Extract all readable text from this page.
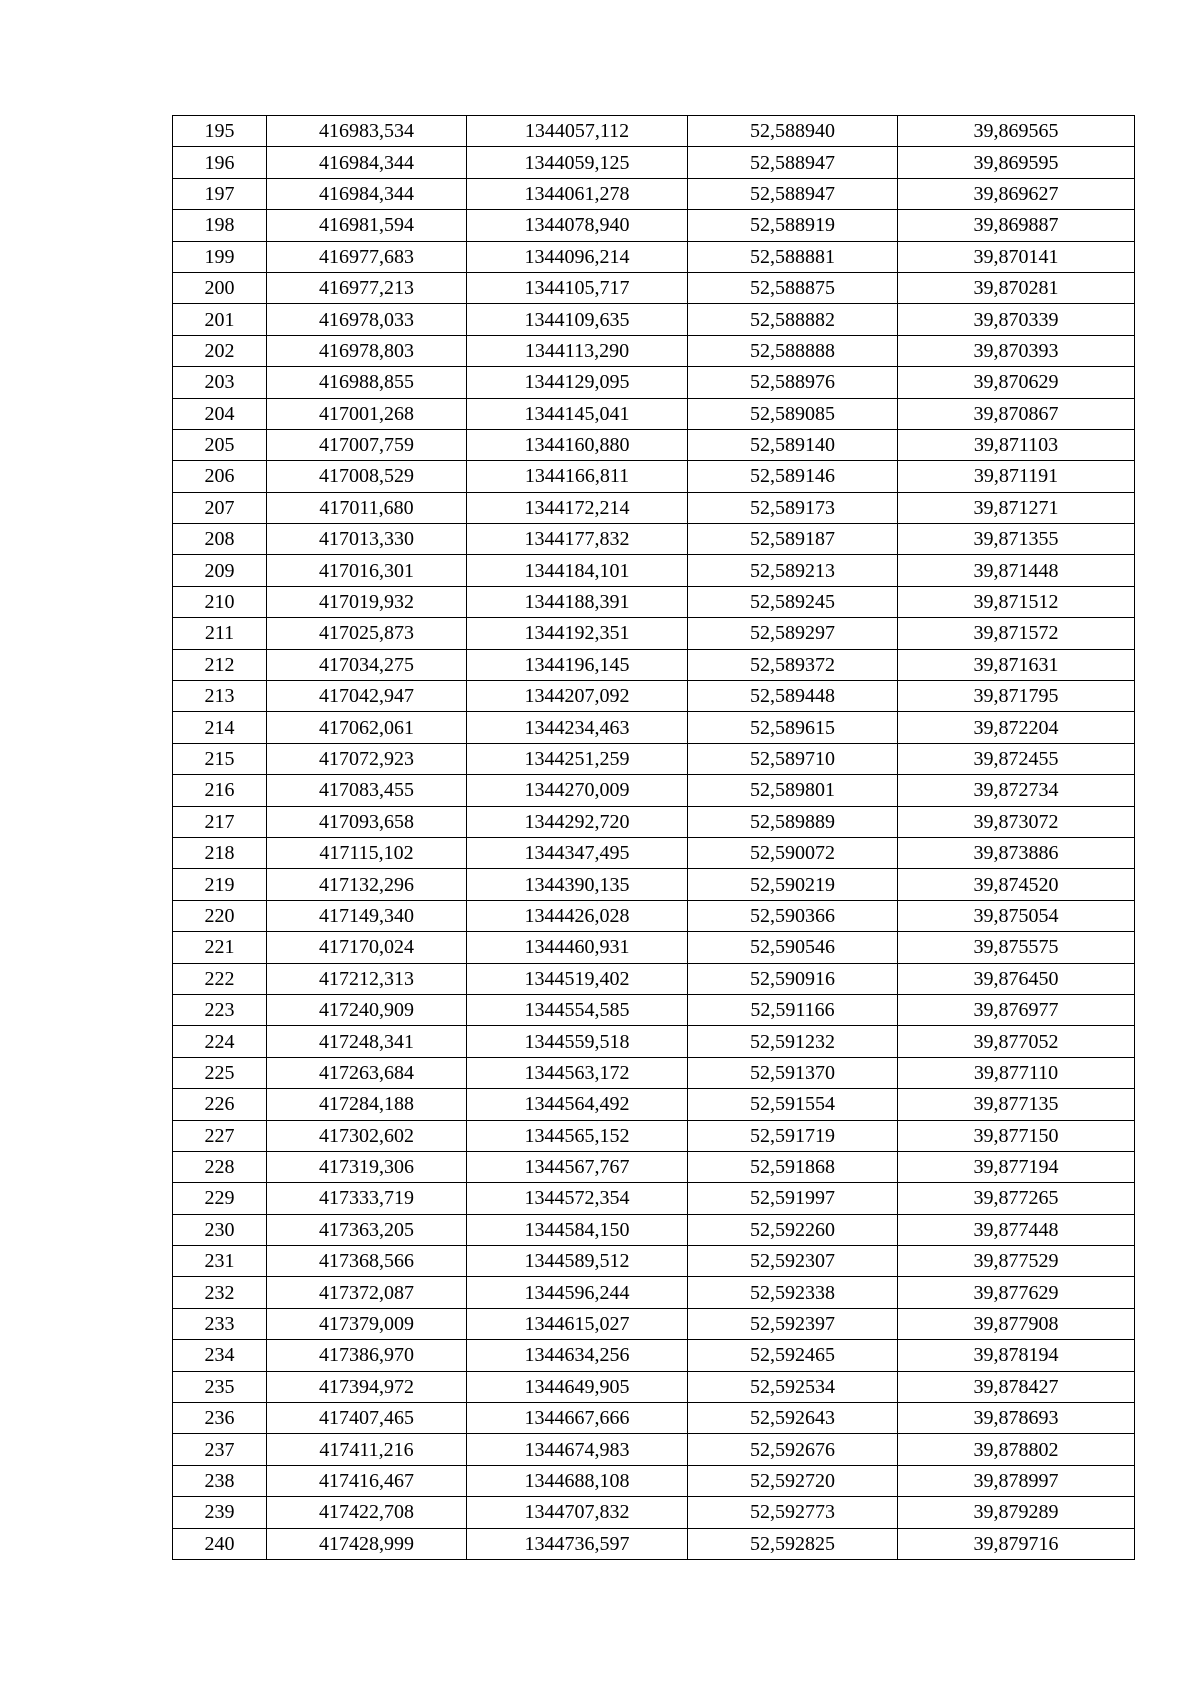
195	416983,534	1344057,112	52,588940	39,869565
196	416984,344	1344059,125	52,588947	39,869595
197	416984,344	1344061,278	52,588947	39,869627
198	416981,594	1344078,940	52,588919	39,869887
199	416977,683	1344096,214	52,588881	39,870141
200	416977,213	1344105,717	52,588875	39,870281
201	416978,033	1344109,635	52,588882	39,870339
202	416978,803	1344113,290	52,588888	39,870393
203	416988,855	1344129,095	52,588976	39,870629
204	417001,268	1344145,041	52,589085	39,870867
205	417007,759	1344160,880	52,589140	39,871103
206	417008,529	1344166,811	52,589146	39,871191
207	417011,680	1344172,214	52,589173	39,871271
208	417013,330	1344177,832	52,589187	39,871355
209	417016,301	1344184,101	52,589213	39,871448
210	417019,932	1344188,391	52,589245	39,871512
211	417025,873	1344192,351	52,589297	39,871572
212	417034,275	1344196,145	52,589372	39,871631
213	417042,947	1344207,092	52,589448	39,871795
214	417062,061	1344234,463	52,589615	39,872204
215	417072,923	1344251,259	52,589710	39,872455
216	417083,455	1344270,009	52,589801	39,872734
217	417093,658	1344292,720	52,589889	39,873072
218	417115,102	1344347,495	52,590072	39,873886
219	417132,296	1344390,135	52,590219	39,874520
220	417149,340	1344426,028	52,590366	39,875054
221	417170,024	1344460,931	52,590546	39,875575
222	417212,313	1344519,402	52,590916	39,876450
223	417240,909	1344554,585	52,591166	39,876977
224	417248,341	1344559,518	52,591232	39,877052
225	417263,684	1344563,172	52,591370	39,877110
226	417284,188	1344564,492	52,591554	39,877135
227	417302,602	1344565,152	52,591719	39,877150
228	417319,306	1344567,767	52,591868	39,877194
229	417333,719	1344572,354	52,591997	39,877265
230	417363,205	1344584,150	52,592260	39,877448
231	417368,566	1344589,512	52,592307	39,877529
232	417372,087	1344596,244	52,592338	39,877629
233	417379,009	1344615,027	52,592397	39,877908
234	417386,970	1344634,256	52,592465	39,878194
235	417394,972	1344649,905	52,592534	39,878427
236	417407,465	1344667,666	52,592643	39,878693
237	417411,216	1344674,983	52,592676	39,878802
238	417416,467	1344688,108	52,592720	39,878997
239	417422,708	1344707,832	52,592773	39,879289
240	417428,999	1344736,597	52,592825	39,879716
